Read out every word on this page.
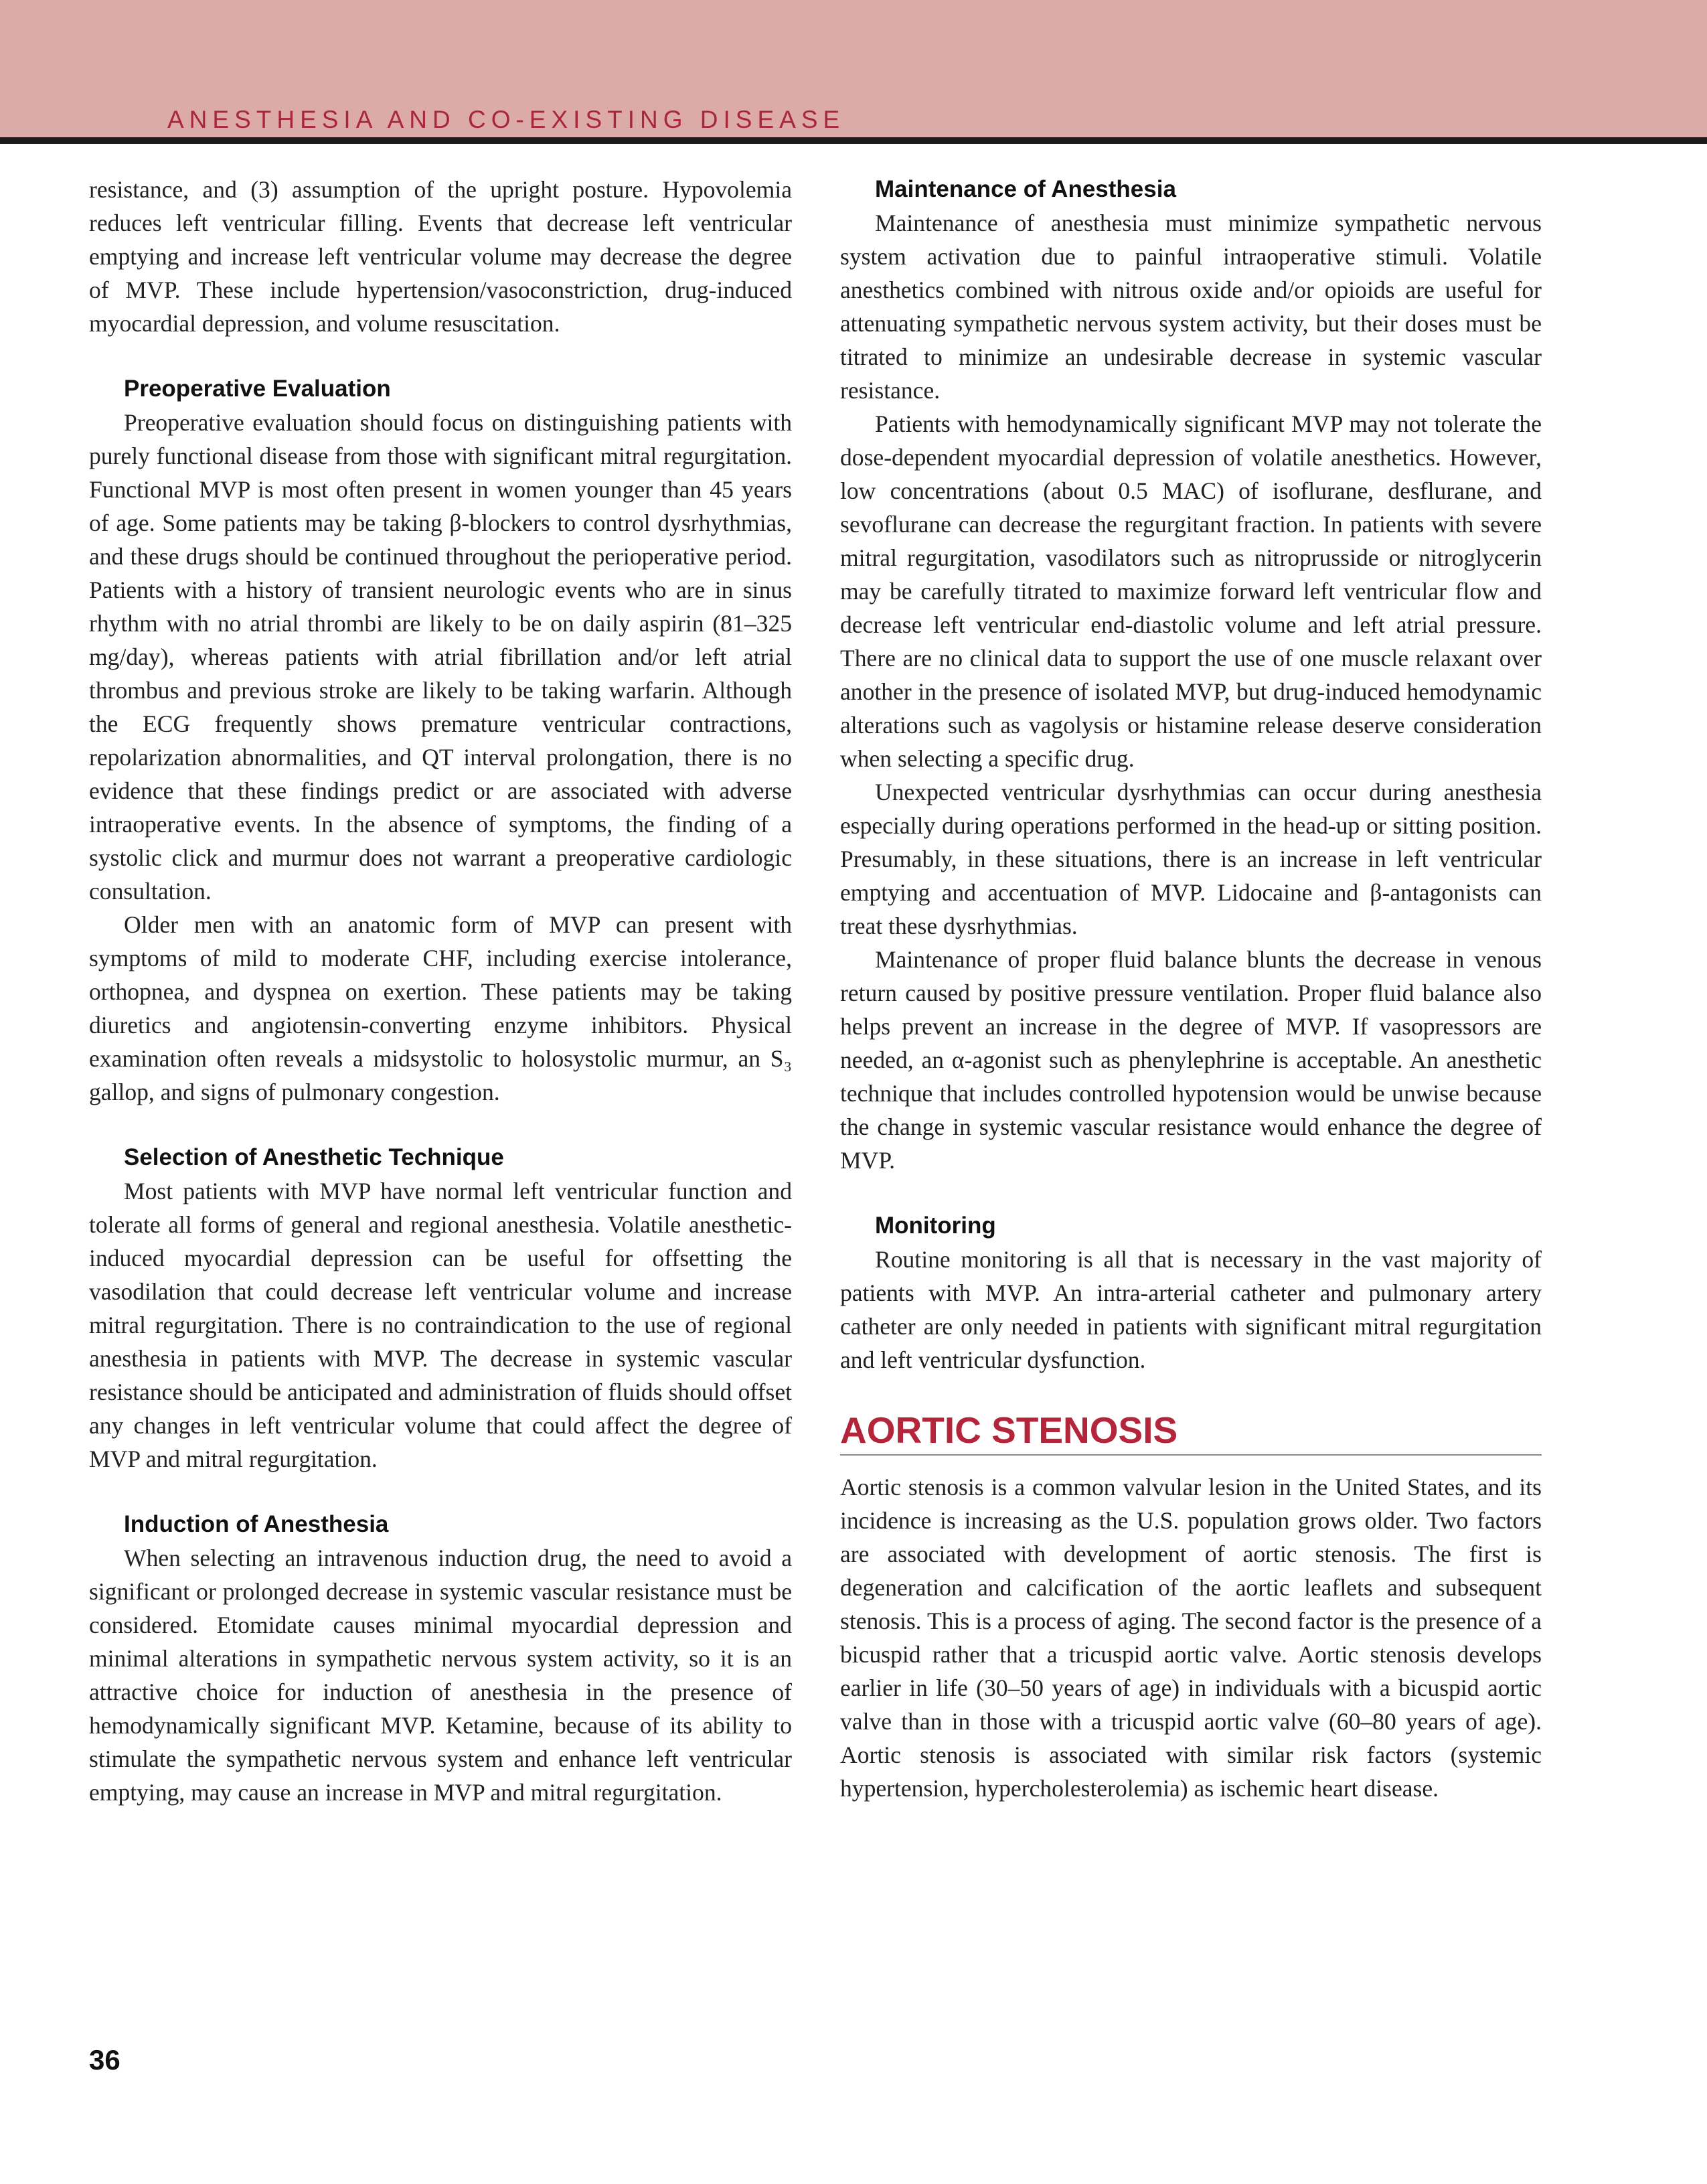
ANESTHESIA AND CO-EXISTING DISEASE

resistance, and (3) assumption of the upright posture. Hypovolemia reduces left ventricular filling. Events that decrease left ventricular emptying and increase left ventricular volume may decrease the degree of MVP. These include hypertension/vasoconstriction, drug-induced myocardial depression, and volume resuscitation.

Preoperative Evaluation

Preoperative evaluation should focus on distinguishing patients with purely functional disease from those with significant mitral regurgitation. Functional MVP is most often present in women younger than 45 years of age. Some patients may be taking β-blockers to control dysrhythmias, and these drugs should be continued throughout the perioperative period. Patients with a history of transient neurologic events who are in sinus rhythm with no atrial thrombi are likely to be on daily aspirin (81–325 mg/day), whereas patients with atrial fibrillation and/or left atrial thrombus and previous stroke are likely to be taking warfarin. Although the ECG frequently shows premature ventricular contractions, repolarization abnormalities, and QT interval prolongation, there is no evidence that these findings predict or are associated with adverse intraoperative events. In the absence of symptoms, the finding of a systolic click and murmur does not warrant a preoperative cardiologic consultation.

Older men with an anatomic form of MVP can present with symptoms of mild to moderate CHF, including exercise intolerance, orthopnea, and dyspnea on exertion. These patients may be taking diuretics and angiotensin-converting enzyme inhibitors. Physical examination often reveals a midsystolic to holosystolic murmur, an S₃ gallop, and signs of pulmonary congestion.

Selection of Anesthetic Technique

Most patients with MVP have normal left ventricular function and tolerate all forms of general and regional anesthesia. Volatile anesthetic-induced myocardial depression can be useful for offsetting the vasodilation that could decrease left ventricular volume and increase mitral regurgitation. There is no contraindication to the use of regional anesthesia in patients with MVP. The decrease in systemic vascular resistance should be anticipated and administration of fluids should offset any changes in left ventricular volume that could affect the degree of MVP and mitral regurgitation.

Induction of Anesthesia

When selecting an intravenous induction drug, the need to avoid a significant or prolonged decrease in systemic vascular resistance must be considered. Etomidate causes minimal myocardial depression and minimal alterations in sympathetic nervous system activity, so it is an attractive choice for induction of anesthesia in the presence of hemodynamically significant MVP. Ketamine, because of its ability to stimulate the sympathetic nervous system and enhance left ventricular emptying, may cause an increase in MVP and mitral regurgitation.

Maintenance of Anesthesia

Maintenance of anesthesia must minimize sympathetic nervous system activation due to painful intraoperative stimuli. Volatile anesthetics combined with nitrous oxide and/or opioids are useful for attenuating sympathetic nervous system activity, but their doses must be titrated to minimize an undesirable decrease in systemic vascular resistance.

Patients with hemodynamically significant MVP may not tolerate the dose-dependent myocardial depression of volatile anesthetics. However, low concentrations (about 0.5 MAC) of isoflurane, desflurane, and sevoflurane can decrease the regurgitant fraction. In patients with severe mitral regurgitation, vasodilators such as nitroprusside or nitroglycerin may be carefully titrated to maximize forward left ventricular flow and decrease left ventricular end-diastolic volume and left atrial pressure. There are no clinical data to support the use of one muscle relaxant over another in the presence of isolated MVP, but drug-induced hemodynamic alterations such as vagolysis or histamine release deserve consideration when selecting a specific drug.

Unexpected ventricular dysrhythmias can occur during anesthesia especially during operations performed in the head-up or sitting position. Presumably, in these situations, there is an increase in left ventricular emptying and accentuation of MVP. Lidocaine and β-antagonists can treat these dysrhythmias.

Maintenance of proper fluid balance blunts the decrease in venous return caused by positive pressure ventilation. Proper fluid balance also helps prevent an increase in the degree of MVP. If vasopressors are needed, an α-agonist such as phenylephrine is acceptable. An anesthetic technique that includes controlled hypotension would be unwise because the change in systemic vascular resistance would enhance the degree of MVP.

Monitoring

Routine monitoring is all that is necessary in the vast majority of patients with MVP. An intra-arterial catheter and pulmonary artery catheter are only needed in patients with significant mitral regurgitation and left ventricular dysfunction.

AORTIC STENOSIS

Aortic stenosis is a common valvular lesion in the United States, and its incidence is increasing as the U.S. population grows older. Two factors are associated with development of aortic stenosis. The first is degeneration and calcification of the aortic leaflets and subsequent stenosis. This is a process of aging. The second factor is the presence of a bicuspid rather that a tricuspid aortic valve. Aortic stenosis develops earlier in life (30–50 years of age) in individuals with a bicuspid aortic valve than in those with a tricuspid aortic valve (60–80 years of age). Aortic stenosis is associated with similar risk factors (systemic hypertension, hypercholesterolemia) as ischemic heart disease.

36
